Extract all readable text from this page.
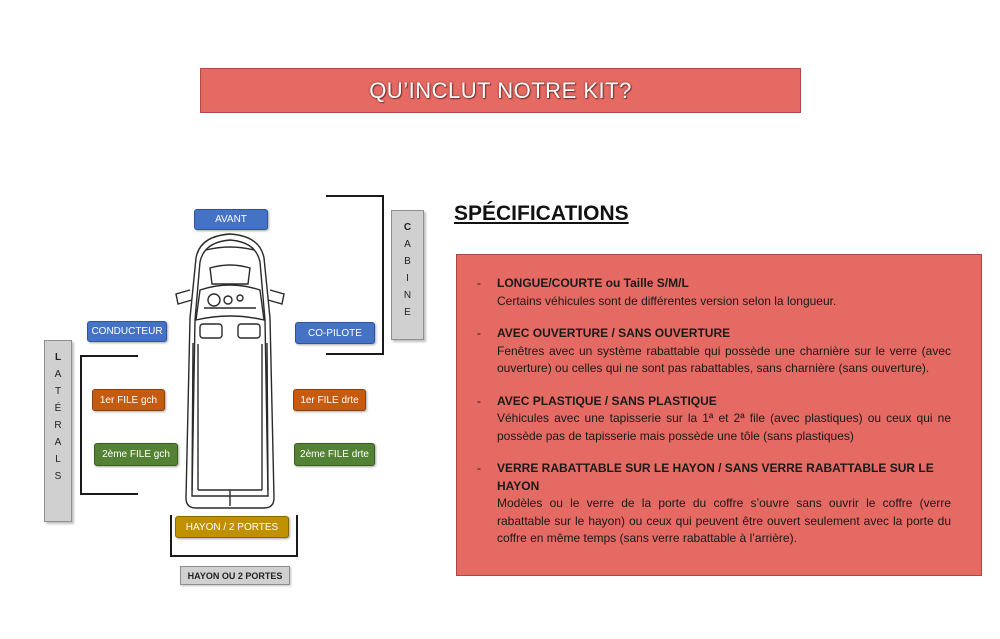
QU’INCLUT NOTRE KIT?
C
A
B
I
N
E
L
A
T
É
R
A
L
S
AVANT
CONDUCTEUR	CO-PILOTE
1er FILE gch	1er FILE drte
2ème FILE gch	2ème FILE drte
HAYON / 2 PORTES
HAYON OU 2 PORTES
SPÉCIFICATIONS
-	LONGUE/COURTE ou Taille S/M/L
Certains véhicules sont de différentes version selon la longueur.
-	AVEC OUVERTURE / SANS OUVERTURE
Fenêtres avec un système rabattable qui possède une charnière sur le verre (avec ouverture) ou celles qui ne sont pas rabattables, sans charnière (sans ouverture).
-	AVEC PLASTIQUE / SANS PLASTIQUE
Véhicules avec une tapisserie sur la 1ª et 2ª file (avec plastiques) ou ceux qui ne possède pas de tapisserie mais possède une tôle (sans plastiques)
-	VERRE RABATTABLE SUR LE HAYON / SANS VERRE RABATTABLE SUR LE HAYON
Modèles ou le verre de la porte du coffre s’ouvre sans ouvrir le coffre (verre rabattable sur le hayon) ou ceux qui peuvent être ouvert seulement avec la porte du coffre en même temps (sans verre rabattable à l’arrière).
